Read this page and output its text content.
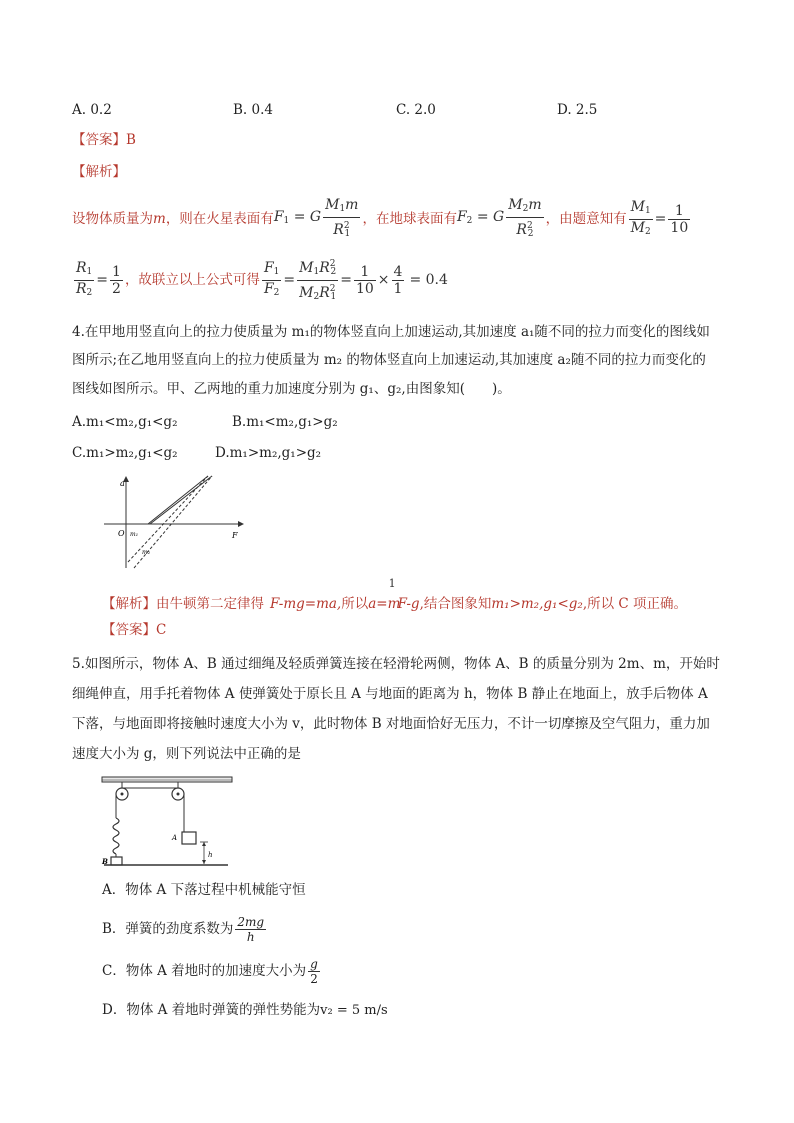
A. 0.2	B. 0.4	C. 2.0	D. 2.5
【答案】B
【解析】
设物体质量为 m ，则在火星表面有 F1 = G $\frac{M1m}{R^21}$ ，在地球表面有 F2 = G $\frac{M2m}{R^22}$ ，由题意知有 $\frac{M1}{M2} = \frac{1}{10}$
$\frac{R1}{R2} = \frac{1}{2}$ ，故联立以上公式可得 $\frac{F1}{F2} = \frac{M1R^22}{M2R^21} = \frac{1}{10} \times \frac{4}{1} = 0.4$
4.在甲地用竖直向上的拉力使质量为 m₁的物体竖直向上加速运动,其加速度 a₁随不同的拉力而变化的图线如
图所示;在乙地用竖直向上的拉力使质量为 m₂ 的物体竖直向上加速运动,其加速度 a₂随不同的拉力而变化的
图线如图所示。甲、乙两地的重力加速度分别为 g₁、g₂,由图象知(　　)。
A.m₁<m₂,g₁<g₂	B.m₁<m₂,g₁>g₂
C.m₁>m₂,g₁<g₂	D.m₁>m₂,g₁>g₂
a
F
O m₁
m₂
【解析】 由牛顿第二定律得 F-mg=ma, 所以 a=
1
m
F-g ,结合图象知 m₁>m₂,g₁<g₂ ,所以 C 项正确。
【答案】C
5.如图所示，物体 A、B 通过细绳及轻质弹簧连接在轻滑轮两侧，物体 A、B 的质量分别为 2m、m，开始时
细绳伸直，用手托着物体 A 使弹簧处于原长且 A 与地面的距离为 h，物体 B 静止在地面上，放手后物体 A
下落，与地面即将接触时速度大小为 v，此时物体 B 对地面恰好无压力，不计一切摩擦及空气阻力，重力加
速度大小为 g，则下列说法中正确的是
A
B
h
A．物体 A 下落过程中机械能守恒
B．弹簧的劲度系数为 $\frac{2mg}{h}$
C．物体 A 着地时的加速度大小为 $\frac{g}{2}$
D．物体 A 着地时弹簧的弹性势能为v₂ = 5 m/s
